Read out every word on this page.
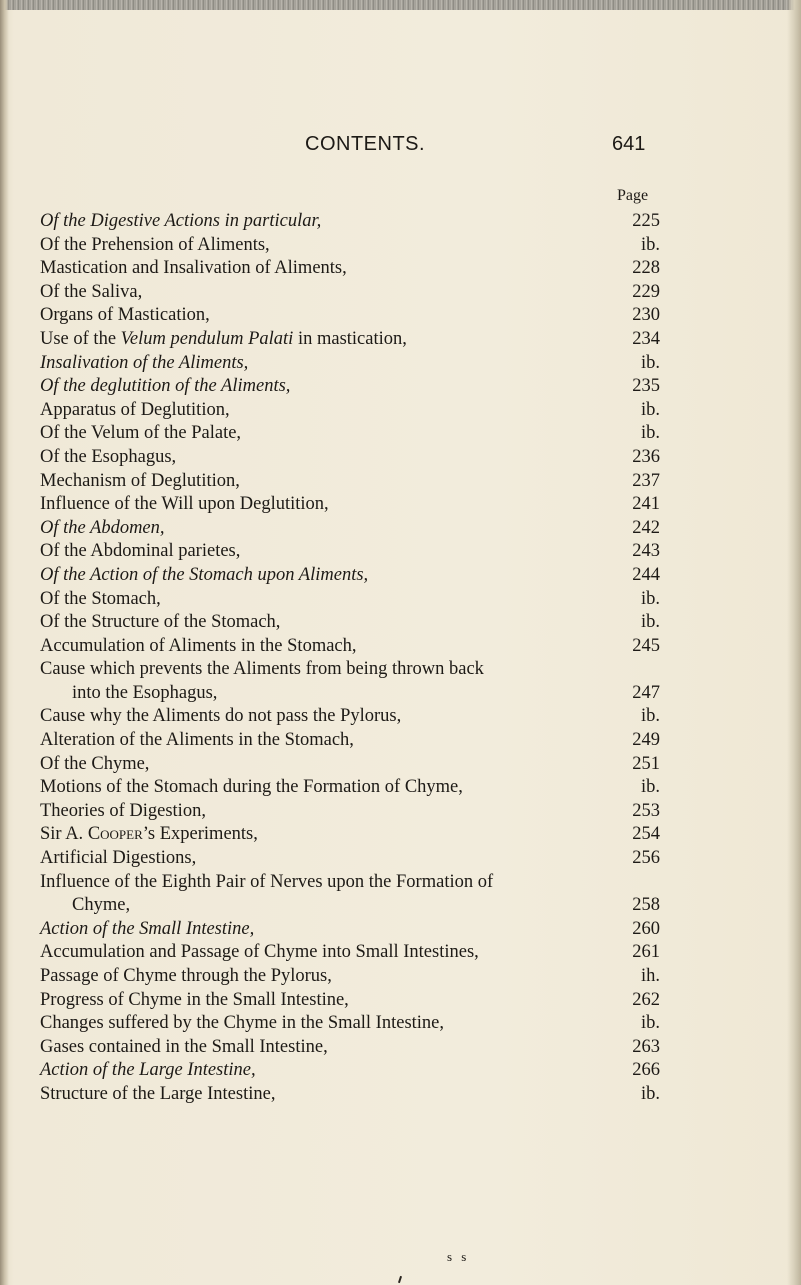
CONTENTS.	641
Page
Of the Digestive Actions in particular,	225
Of the Prehension of Aliments,	ib.
Mastication and Insalivation of Aliments,	228
Of the Saliva,	229
Organs of Mastication,	230
Use of the Velum pendulum Palati in mastication,	234
Insalivation of the Aliments,	ib.
Of the deglutition of the Aliments,	235
Apparatus of Deglutition,	ib.
Of the Velum of the Palate,	ib.
Of the Esophagus,	236
Mechanism of Deglutition,	237
Influence of the Will upon Deglutition,	241
Of the Abdomen,	242
Of the Abdominal parietes,	243
Of the Action of the Stomach upon Aliments,	244
Of the Stomach,	ib.
Of the Structure of the Stomach,	ib.
Accumulation of Aliments in the Stomach,	245
Cause which prevents the Aliments from being thrown back
into the Esophagus,	247
Cause why the Aliments do not pass the Pylorus,	ib.
Alteration of the Aliments in the Stomach,	249
Of the Chyme,	251
Motions of the Stomach during the Formation of Chyme,	ib.
Theories of Digestion,	253
Sir A. Cooper’s Experiments,	254
Artificial Digestions,	256
Influence of the Eighth Pair of Nerves upon the Formation of
Chyme,	258
Action of the Small Intestine,	260
Accumulation and Passage of Chyme into Small Intestines,	261
Passage of Chyme through the Pylorus,	ih.
Progress of Chyme in the Small Intestine,	262
Changes suffered by the Chyme in the Small Intestine,	ib.
Gases contained in the Small Intestine,	263
Action of the Large Intestine,	266
Structure of the Large Intestine,	ib.
s s
